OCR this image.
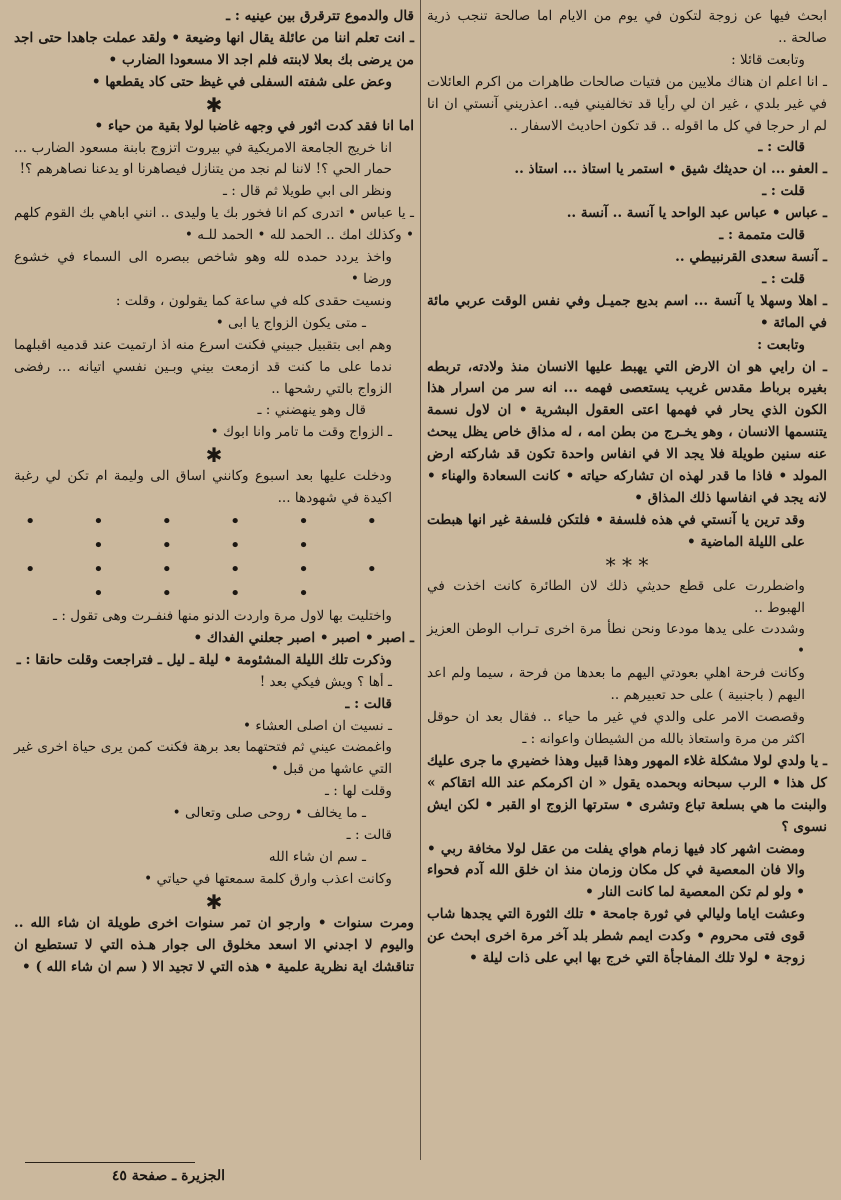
ابحث فيها عن زوجة لتكون في يوم من الايام اما صالحة تنجب ذرية صالحة ..

وتابعت قائلا :

ـ انا اعلم ان هناك ملايين من فتيات صالحات طاهرات من اكرم العائلات في غير بلدي ، غير ان لي رأيا قد تخالفيني فيه.. اعذريني آنستي ان انا لم ار حرجا في كل ما اقوله .. قد تكون احاديث الاسفار ..

قالت : ـ

ـ العفو ... ان حديثك شيق • استمر يا استاذ ... استاذ ..

قلت : ـ

ـ عباس • عباس عبد الواحد يا آنسة .. آنسة ..

قالت متممة : ـ

ـ آنسة سعدى القرنبيطي ..

قلت : ـ

ـ اهلا وسهلا يا آنسة ... اسم بديع جميـل وفي نفس الوقت عربي مائة في المائة •

وتابعت :

ـ ان رايي هو ان الارض التي يهبط عليها الانسان منذ ولادته، تربطه بغيره برباط مقدس غريب يستعصى فهمه ... انه سر من اسرار هذا الكون الذي يحار في فهمها اعتى العقول البشرية • ان لاول نسمة يتنسمها الانسان ، وهو يخـرج من بطن امه ، له مذاق خاص يظل يبحث عنه سنين طويلة فلا يجد الا في انفاس واحدة تكون قد شاركته ارض المولد • فاذا ما قدر لهذه ان تشاركه حياته • كانت السعادة والهناء • لانه يجد في انفاسها ذلك المذاق •

وقد ترين يا آنستي في هذه فلسفة • فلتكن فلسفة غير انها هبطت على الليلة الماضية •

* * *

واضطررت على قطع حديثي ذلك لان الطائرة كانت اخذت في الهبوط ..

وشددت على يدها مودعا ونحن نطأ مرة اخرى تـراب الوطن العزيز •

وكانت فرحة اهلي بعودتي اليهم ما بعدها من فرحة ، سيما ولم اعد اليهم ( باجنبية ) على حد تعبيرهم ..

وقصصت الامر على والدي في غير ما حياء .. فقال بعد ان حوقل اكثر من مرة واستعاذ بالله من الشيطان واعوانه : ـ

ـ يا ولدي لولا مشكلة غلاء المهور وهذا قبيل وهذا خضيري ما جرى عليك كل هذا • الرب سبحانه وبحمده يقول « ان اكرمكم عند الله اتقاكم » والبنت ما هي بسلعة تباع وتشرى • سترتها الزوج او القبر • لكن ايش نسوى ؟

ومضت اشهر كاد فيها زمام هواي يفلت من عقل لولا مخافة ربي • والا فان المعصية في كل مكان وزمان منذ ان خلق الله آدم فحواء • ولو لم تكن المعصية لما كانت النار •

وعشت اياما وليالي في ثورة جامحة • تلك الثورة التي يجدها شاب قوى فتى محروم • وكدت ايمم شطر بلد آخر مرة اخرى ابحث عن زوجة • لولا تلك المفاجأة التي خرج بها ابي على ذات ليلة •

قال والدموع تترقرق بين عينيه : ـ

ـ انت تعلم اننا من عائلة يقال انها وضيعة • ولقد عملت جاهدا حتى اجد من يرضى بك بعلا لابنته فلم اجد الا مسعودا الضارب •

وعض على شفته السفلى في غيظ حتى كاد يقطعها •

✱

اما انا فقد كدت اثور في وجهه غاضبا لولا بقية من حياء •

انا خريج الجامعة الامريكية في بيروت اتزوج بابنة مسعود الضارب ... حمار الحي ؟! لاننا لم نجد من يتنازل فيصاهرنا او يدعنا نصاهرهم ؟!

ونظر الى ابي طويلا ثم قال : ـ

ـ يا عباس • اتدرى كم انا فخور بك يا وليدى .. انني اباهي بك القوم كلهم • وكذلك امك .. الحمد لله • الحمد للـه •

واخذ يردد حمده لله وهو شاخص ببصره الى السماء في خشوع ورضا •

ونسيت حقدى كله في ساعة كما يقولون ، وقلت :

ـ متى يكون الزواج يا ابى •

وهم ابى بتقبيل جبيني فكنت اسرع منه اذ ارتميت عند قدميه اقبلهما ندما على ما كنت قد ازمعت بيني وبـين نفسي اتيانه ... رفضى الزواج بالتي رشحها ..

قال وهو ينهضني : ـ

ـ الزواج وقت ما تامر وانا ابوك •

✱

ودخلت عليها بعد اسبوع وكانني اساق الى وليمة ام تكن لي رغبة اكيدة في شهودها ...

• • • • • • • • • •

• • • • • • • • • •

واختليت بها لاول مرة واردت الدنو منها فنفـرت وهى تقول : ـ

ـ اصبر • اصبر • اصبر جعلني الفداك •

وذكرت تلك الليلة المشئومة • ليلة ـ ليل ـ فتراجعت وقلت حانقا : ـ

ـ أها ؟ ويش فيكي بعد !

قالت : ـ

ـ نسيت ان اصلى العشاء •

واغمضت عيني ثم فتحتهما بعد برهة فكنت كمن يرى حياة اخرى غير التي عاشها من قبل •

وقلت لها : ـ

ـ ما يخالف • روحى صلى وتعالى •

قالت : ـ

ـ سم ان شاء الله

وكانت اعذب وارق كلمة سمعتها في حياتي •

✱

ومرت سنوات • وارجو ان تمر سنوات اخرى طويلة ان شاء الله .. واليوم لا اجدني الا اسعد مخلوق الى جوار هـذه التي لا تستطيع ان تناقشك اية نظرية علمية • هذه التي لا تجيد الا ( سم ان شاء الله ) •

الجزيرة ـ صفحة ٤٥
